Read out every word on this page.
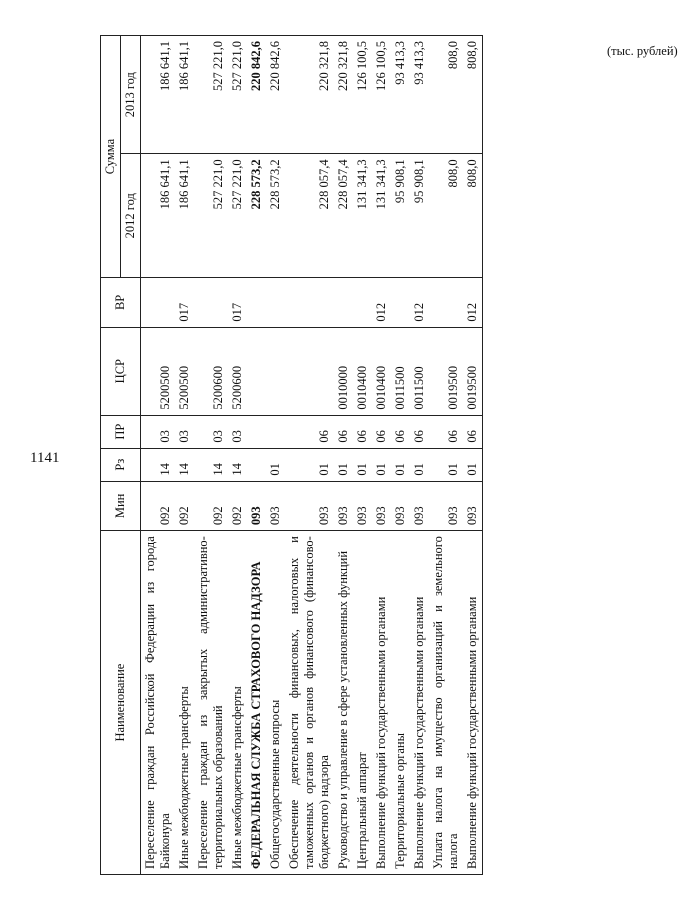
1141
(тыс. рублей)
Наименование	Мин	Рз	ПР	ЦСР	ВР	Сумма	
						2012 год	2013 год
Переселение граждан Российской Федерации из города Байконура	092	14	03	5200500		186 641,1	186 641,1
Иные межбюджетные трансферты	092	14	03	5200500	017	186 641,1	186 641,1
Переселение граждан из закрытых административно-территориальных образований	092	14	03	5200600		527 221,0	527 221,0
Иные межбюджетные трансферты	092	14	03	5200600	017	527 221,0	527 221,0
ФЕДЕРАЛЬНАЯ СЛУЖБА СТРАХОВОГО НАДЗОРА	093					228 573,2	220 842,6
Общегосударственные вопросы	093	01				228 573,2	220 842,6
Обеспечение деятельности финансовых, налоговых и таможенных органов и органов финансового (финансово-бюджетного) надзора	093	01	06			228 057,4	220 321,8
Руководство и управление в сфере установленных функций	093	01	06	0010000		228 057,4	220 321,8
Центральный аппарат	093	01	06	0010400		131 341,3	126 100,5
Выполнение функций государственными органами	093	01	06	0010400	012	131 341,3	126 100,5
Территориальные органы	093	01	06	0011500		95 908,1	93 413,3
Выполнение функций государственными органами	093	01	06	0011500	012	95 908,1	93 413,3
Уплата налога на имущество организаций и земельного налога	093	01	06	0019500		808,0	808,0
Выполнение функций государственными органами	093	01	06	0019500	012	808,0	808,0
